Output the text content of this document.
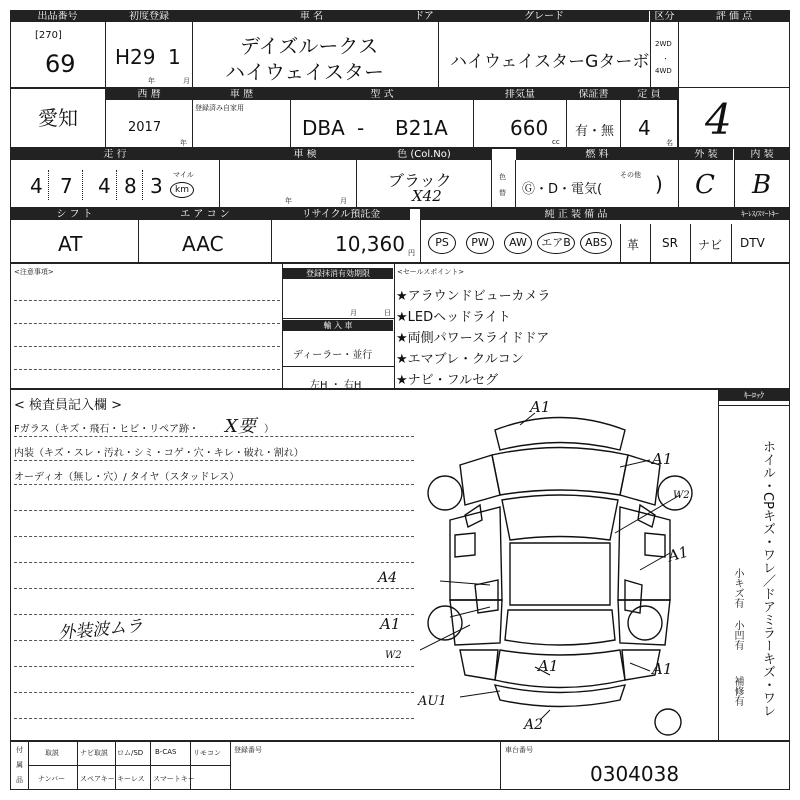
出品番号
[270]
69
初度登録
H29 1
年	月
車 名
デイズルークス
ハイウェイスター
ドア	グレード
ハイウェイスターGターボ
区分
2WD
・
4WD
評 価 点
4
愛知
西 暦
2017
年
車 歴
登録済み自家用
型 式
DBA - B21A
排気量
660
cc
保証書
有・無
定 員
4
名
走 行
4 7 4 8 3 マイル
km
車 検
年	月
色 (Col.No)
ブラック
X42
色
替
燃 料
Ⓖ・D・電気(
その他 )
外 装
C
内 装
B
シ フ ト
AT
エ ア コ ン
AAC
リサイクル預託金
10,360 円
純 正 装 備 品	ｷｰﾚｽ/ｽﾏｰﾄｷｰ
PS	PW	AW	エアB	ABS	革 SR ナビ DTV
<注意事項>	登録抹消有効期限
月	日
輸 入 車
ディーラー・並行
左H ・ 右H
<セールスポイント>
★アラウンドビューカメラ
★LEDヘッドライト
★両側パワースライドドア
★エマブレ・クルコン
★ナビ・フルセグ
< 検査員記入欄 >
Fガラス（キズ・飛石・ヒビ・リペア跡・ X要 ）
内装（キズ・スレ・汚れ・シミ・コゲ・穴・キレ・破れ・割れ）
オーディオ（無し・穴）/ タイヤ（スタッドレス）
外装波ムラ
ｷｰﾛｯｸ
ホイル・CPキズ・ワレ／ドアミラーキズ・ワレ
小キズ有
小凹有
補修有
A1
A1
W2
A1
A4
A1
W2
A1	A1
AU1
A2
付
属
品
取説	ナビ取説 ロム/SD B-CAS リモコン
ナンバー スペアキー キーレス スマートキー
登録番号	車台番号
0304038
